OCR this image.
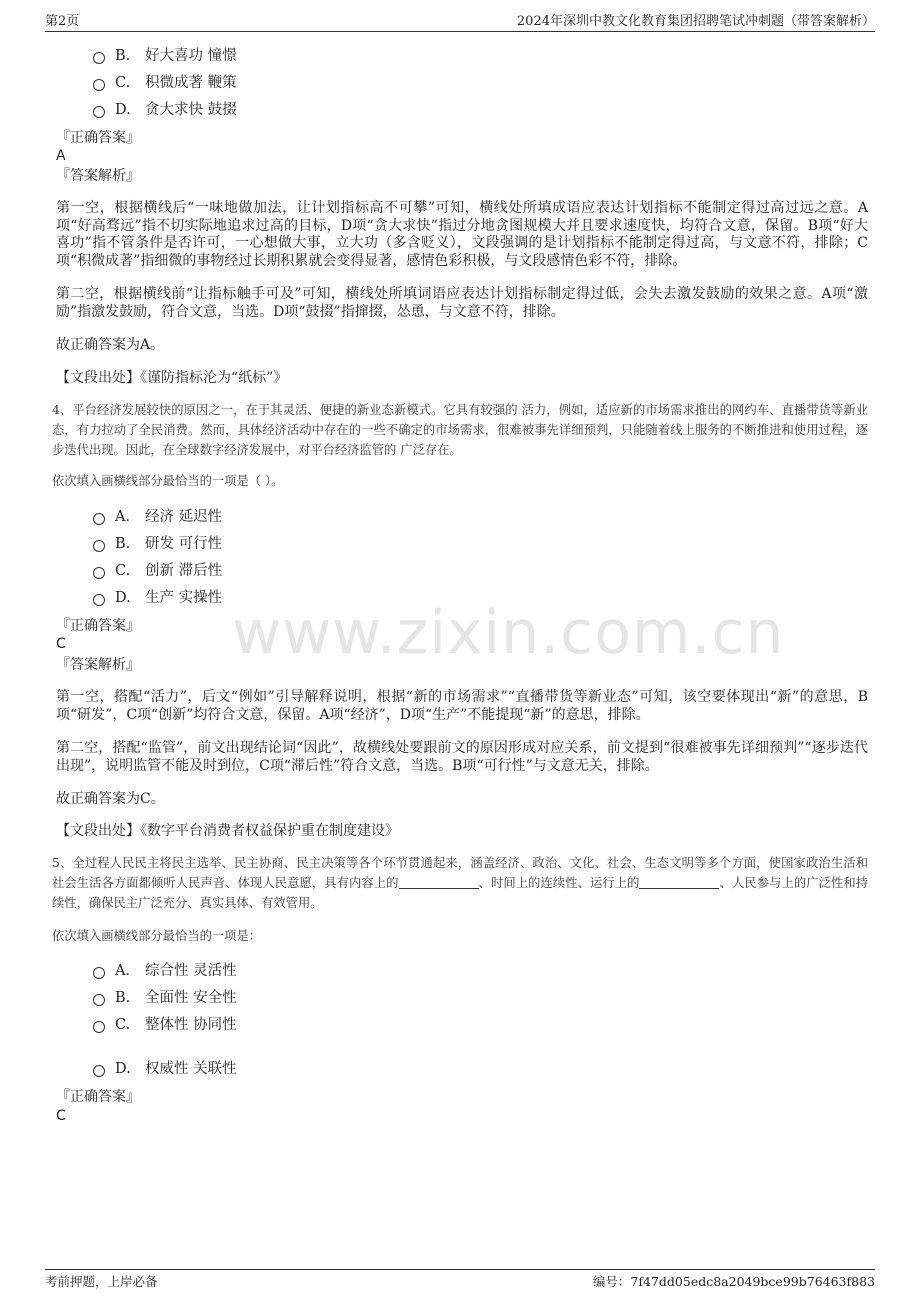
第2页	2024年深圳中教文化教育集团招聘笔试冲刺题（带答案解析）
www.zixin.com.cn
B. 好大喜功 憧憬
C. 积微成著 鞭策
D. 贪大求快 鼓掇
『正确答案』
A
『答案解析』
第一空，根据横线后“一味地做加法，让计划指标高不可攀”可知，横线处所填成语应表达计划指标不能制定得过高过远之意。A项“好高骛远”指不切实际地追求过高的目标，D项“贪大求快”指过分地贪图规模大并且要求速度快，均符合文意，保留。B项“好大喜功”指不管条件是否许可，一心想做大事，立大功（多含贬义），文段强调的是计划指标不能制定得过高，与文意不符，排除；C项“积微成著”指细微的事物经过长期积累就会变得显著，感情色彩积极，与文段感情色彩不符，排除。
第二空，根据横线前“让指标触手可及”可知，横线处所填词语应表达计划指标制定得过低，会失去激发鼓励的效果之意。A项“激励”指激发鼓励，符合文意，当选。D项“鼓掇”指撺掇，怂恿，与文意不符，排除。
故正确答案为A。
【文段出处】《谨防指标沦为“纸标”》
4、平台经济发展较快的原因之一，在于其灵活、便捷的新业态新模式。它具有较强的 活力，例如，适应新的市场需求推出的网约车、直播带货等新业态，有力拉动了全民消费。然而，具体经济活动中存在的一些不确定的市场需求，很难被事先详细预判，只能随着线上服务的不断推进和使用过程，逐步迭代出现。因此，在全球数字经济发展中，对平台经济监管的 广泛存在。
依次填入画横线部分最恰当的一项是（ ）。
A． 经济 延迟性
B. 研发 可行性
C. 创新 滞后性
D. 生产 实操性
『正确答案』
C
『答案解析』
第一空，搭配“活力”，后文“例如”引导解释说明，根据“新的市场需求”“直播带货等新业态”可知，该空要体现出“新”的意思，B项“研发”，C项“创新”均符合文意，保留。A项“经济”，D项“生产”不能提现“新”的意思，排除。
第二空，搭配“监管”，前文出现结论词“因此”，故横线处要跟前文的原因形成对应关系，前文提到“很难被事先详细预判”“逐步迭代出现”，说明监管不能及时到位，C项“滞后性”符合文意，当选。B项“可行性”与文意无关，排除。
故正确答案为C。
【文段出处】《数字平台消费者权益保护重在制度建设》
5、全过程人民民主将民主选举、民主协商、民主决策等各个环节贯通起来，涵盖经济、政治、文化、社会、生态文明等多个方面，使国家政治生活和社会生活各方面都倾听人民声音、体现人民意愿，具有内容上的	、时间上的连续性、运行上的	、人民参与上的广泛性和持续性，确保民主广泛充分、真实具体、有效管用。
依次填入画横线部分最恰当的一项是：
A． 综合性 灵活性
B. 全面性 安全性
C. 整体性 协同性
D. 权威性 关联性
『正确答案』
C
考前押题，上岸必备	编号：7f47dd05edc8a2049bce99b76463f883
